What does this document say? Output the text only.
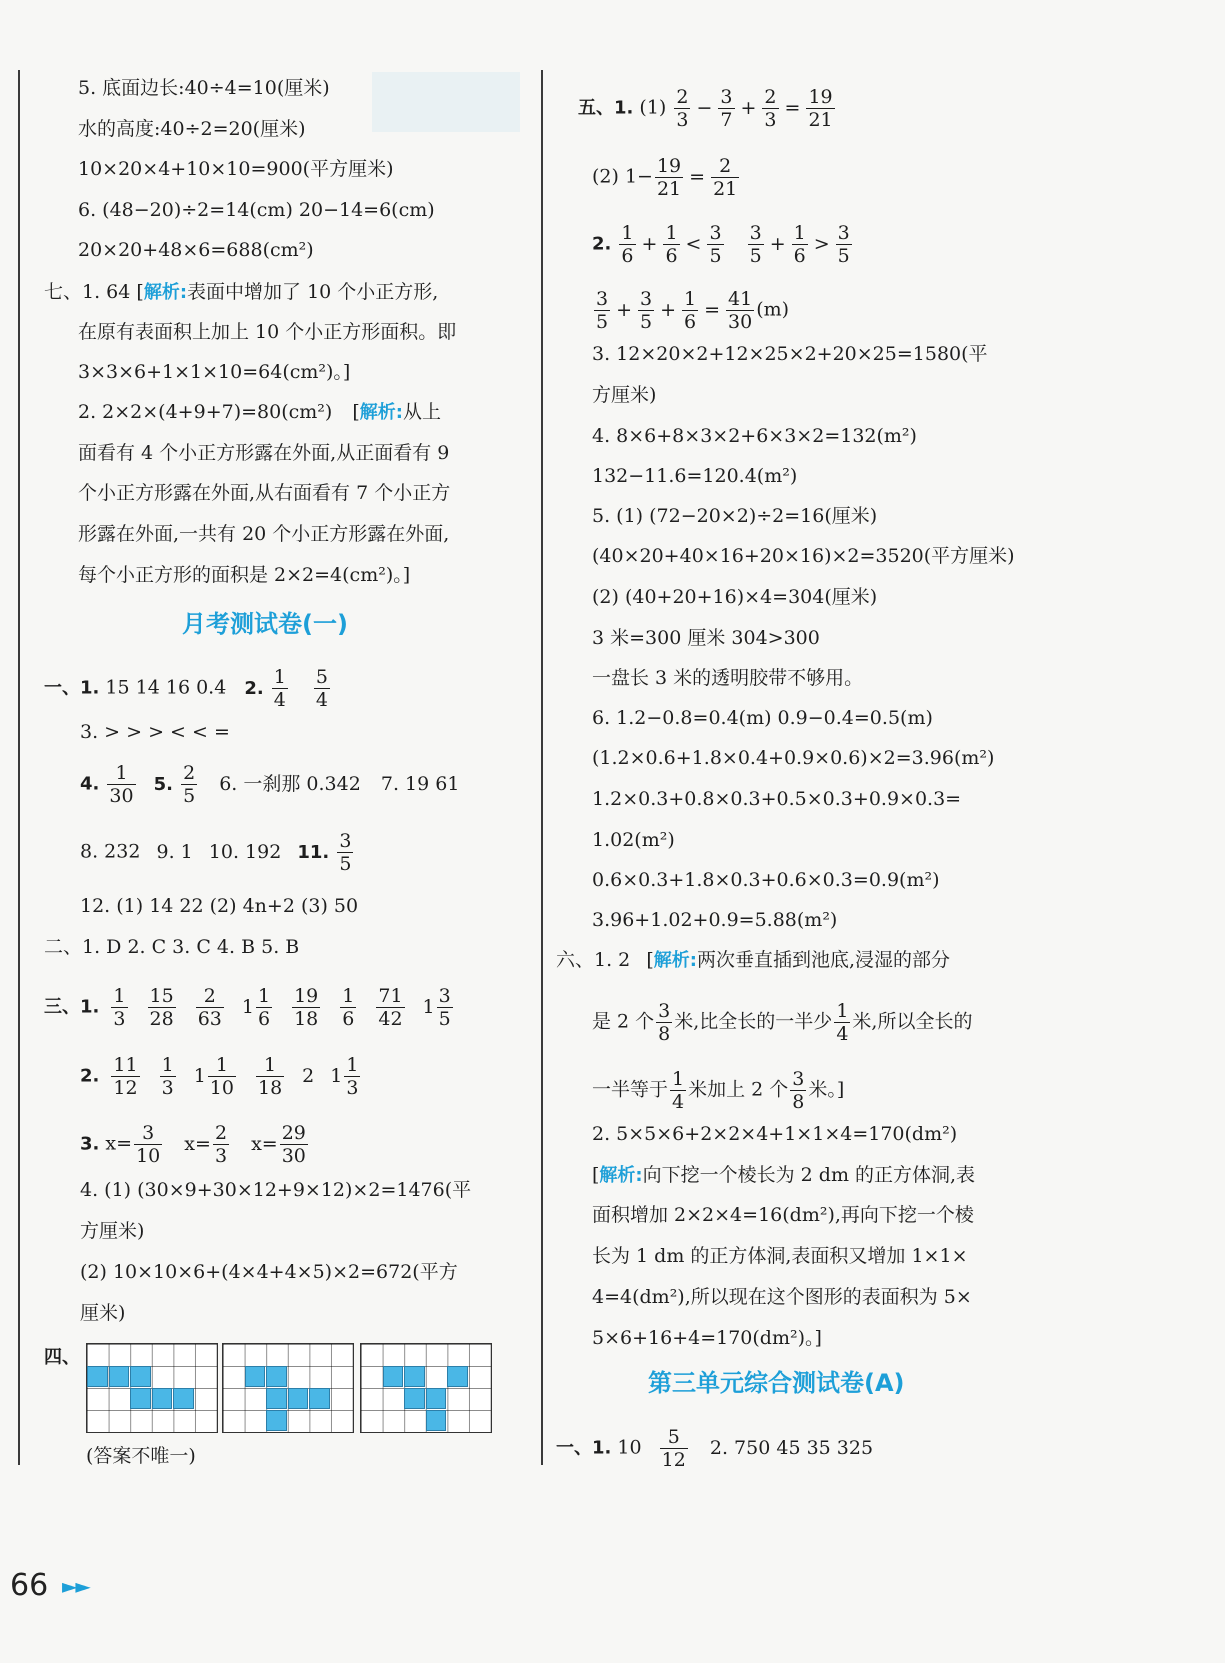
5. 底面边长:40÷4=10(厘米)
水的高度:40÷2=20(厘米)
10×20×4+10×10=900(平方厘米)
6. (48−20)÷2=14(cm) 20−14=6(cm)
20×20+48×6=688(cm²)
七、1. 64 [解析:表面中增加了 10 个小正方形,
在原有表面积上加上 10 个小正方形面积。即
3×3×6+1×1×10=64(cm²)。]
2. 2×2×(4+9+7)=80(cm²) [解析:从上
面看有 4 个小正方形露在外面,从正面看有 9
个小正方形露在外面,从右面看有 7 个小正方
形露在外面,一共有 20 个小正方形露在外面,
每个小正方形的面积是 2×2=4(cm²)。]
月考测试卷(一)
一、1. 15 14 16 0.4 2. $\frac{1}{4}$
$\frac{5}{4}$
3. > > > < < =
4. $\frac{1}{30} 5$. $\frac{2}{5} 6$. 一刹那 0.342 7. 19 61
8. 232 9. 1 10. 192 11. $\frac{3}{5}$
12. (1) 14 22 (2) 4n+2 (3) 50
二、1. D 2. C 3. C 4. B 5. B
三、1. $\frac{1}{3} \frac{15}{28} \frac{2}{63} 1 \frac{1}{6} \frac{19}{18} \frac{1}{6} \frac{71}{42} 1 \frac{3}{5}$
2. $\frac{11}{12} \frac{1}{3} 1 \frac{1}{10} \frac{1}{18} 2$ $1 \frac{1}{3}$
3. $x= \frac{3}{10} x= \frac{2}{3} x= \frac{29}{30}$
4. (1) (30×9+30×12+9×12)×2=1476(平
方厘米)
(2) 10×10×6+(4×4+4×5)×2=672(平方
厘米)
四、
(答案不唯一)
五、1. $(1) \frac{2}{3} - \frac{3}{7} + \frac{2}{3} = \frac{19}{21}$
(2) $1- \frac{19}{21} = \frac{2}{21}$
2. $\frac{1}{6} + \frac{1}{6} < \frac{3}{5}$
$\frac{3}{5} + \frac{1}{6} > \frac{3}{5}$
$\frac{3}{5} + \frac{3}{5} + \frac{1}{6} = \frac{41}{30} (m)$
3. 12×20×2+12×25×2+20×25=1580(平
方厘米)
4. 8×6+8×3×2+6×3×2=132(m²)
132−11.6=120.4(m²)
5. (1) (72−20×2)÷2=16(厘米)
(40×20+40×16+20×16)×2=3520(平方厘米)
(2) (40+20+16)×4=304(厘米)
3 米=300 厘米 304>300
一盘长 3 米的透明胶带不够用。
6. 1.2−0.8=0.4(m) 0.9−0.4=0.5(m)
(1.2×0.6+1.8×0.4+0.9×0.6)×2=3.96(m²)
1.2×0.3+0.8×0.3+0.5×0.3+0.9×0.3=
1.02(m²)
0.6×0.3+1.8×0.3+0.6×0.3=0.9(m²)
3.96+1.02+0.9=5.88(m²)
六、1. 2 [解析:两次垂直插到池底,浸湿的部分
是 2 个 $\frac{3}{8}$ 米,比全长的一半少 $\frac{1}{4}$ 米,所以全长的
一半等于 $\frac{1}{4}$ 米加上 2 个 $\frac{3}{8}$ 米。]
2. 5×5×6+2×2×4+1×1×4=170(dm²)
[解析:向下挖一个棱长为 2 dm 的正方体洞,表
面积增加 2×2×4=16(dm²),再向下挖一个棱
长为 1 dm 的正方体洞,表面积又增加 1×1×
4=4(dm²),所以现在这个图形的表面积为 5×
5×6+16+4=170(dm²)。]
第三单元综合测试卷(A)
一、1. $10 \frac{5}{12} 2$. 750 45 35 325
66 ►►
